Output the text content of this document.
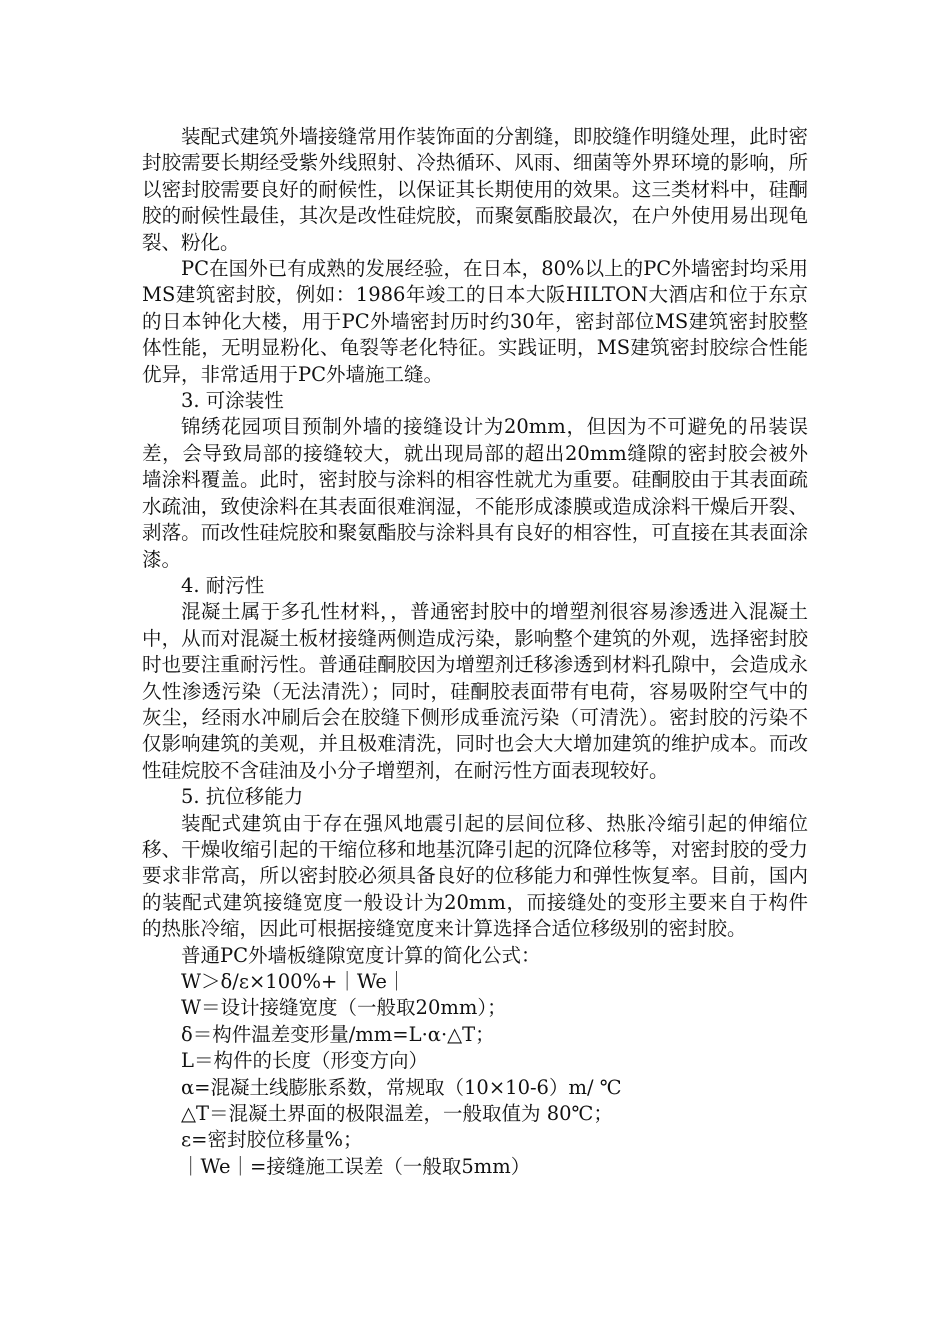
装配式建筑外墙接缝常用作装饰面的分割缝，即胶缝作明缝处理，此时密封胶需要长期经受紫外线照射、冷热循环、风雨、细菌等外界环境的影响，所以密封胶需要良好的耐候性，以保证其长期使用的效果。这三类材料中，硅酮胶的耐候性最佳，其次是改性硅烷胶，而聚氨酯胶最次，在户外使用易出现龟裂、粉化。

PC在国外已有成熟的发展经验，在日本，80%以上的PC外墙密封均采用MS建筑密封胶，例如：1986年竣工的日本大阪HILTON大酒店和位于东京的日本钟化大楼，用于PC外墙密封历时约30年，密封部位MS建筑密封胶整体性能，无明显粉化、龟裂等老化特征。实践证明，MS建筑密封胶综合性能优异，非常适用于PC外墙施工缝。

3. 可涂装性

锦绣花园项目预制外墙的接缝设计为20mm，但因为不可避免的吊装误差，会导致局部的接缝较大，就出现局部的超出20mm缝隙的密封胶会被外墙涂料覆盖。此时，密封胶与涂料的相容性就尤为重要。硅酮胶由于其表面疏水疏油，致使涂料在其表面很难润湿，不能形成漆膜或造成涂料干燥后开裂、剥落。而改性硅烷胶和聚氨酯胶与涂料具有良好的相容性，可直接在其表面涂漆。

4. 耐污性

混凝土属于多孔性材料，，普通密封胶中的增塑剂很容易渗透进入混凝土中，从而对混凝土板材接缝两侧造成污染，影响整个建筑的外观，选择密封胶时也要注重耐污性。普通硅酮胶因为增塑剂迁移渗透到材料孔隙中，会造成永久性渗透污染（无法清洗）；同时，硅酮胶表面带有电荷，容易吸附空气中的灰尘，经雨水冲刷后会在胶缝下侧形成垂流污染（可清洗）。密封胶的污染不仅影响建筑的美观，并且极难清洗，同时也会大大增加建筑的维护成本。而改性硅烷胶不含硅油及小分子增塑剂，在耐污性方面表现较好。

5. 抗位移能力

装配式建筑由于存在强风地震引起的层间位移、热胀冷缩引起的伸缩位移、干燥收缩引起的干缩位移和地基沉降引起的沉降位移等，对密封胶的受力要求非常高，所以密封胶必须具备良好的位移能力和弹性恢复率。目前，国内的装配式建筑接缝宽度一般设计为20mm，而接缝处的变形主要来自于构件的热胀冷缩，因此可根据接缝宽度来计算选择合适位移级别的密封胶。

普通PC外墙板缝隙宽度计算的简化公式：

W＞δ/ε×100%+｜We｜

W＝设计接缝宽度（一般取20mm）；

δ＝构件温差变形量/mm=L·α·△T；

L＝构件的长度（形变方向）

α=混凝土线膨胀系数，常规取（10×10-6）m/ ℃

△T＝混凝土界面的极限温差，一般取值为 80℃；

ε=密封胶位移量%；

｜We｜=接缝施工误差（一般取5mm）
